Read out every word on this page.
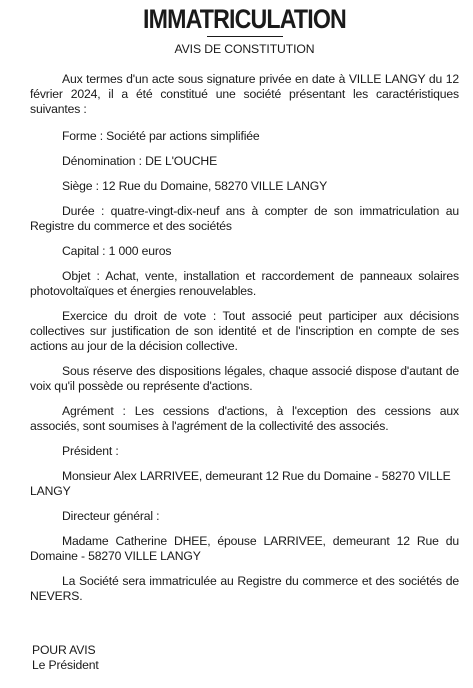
IMMATRICULATION
AVIS DE CONSTITUTION

Aux termes d'un acte sous signature privée en date à VILLE LANGY du 12 février 2024, il a été constitué une société présentant les caractéristiques suivantes :

Forme : Société par actions simplifiée

Dénomination : DE L'OUCHE

Siège : 12 Rue du Domaine, 58270 VILLE LANGY

Durée : quatre-vingt-dix-neuf ans à compter de son immatriculation au Registre du commerce et des sociétés

Capital : 1 000 euros

Objet : Achat, vente, installation et raccordement de panneaux solaires photovoltaïques et énergies renouvelables.

Exercice du droit de vote : Tout associé peut participer aux décisions collectives sur justification de son identité et de l'inscription en compte de ses actions au jour de la décision collective.

Sous réserve des dispositions légales, chaque associé dispose d'autant de voix qu'il possède ou représente d'actions.

Agrément : Les cessions d'actions, à l'exception des cessions aux associés, sont soumises à l'agrément de la collectivité des associés.

Président :

Monsieur Alex LARRIVEE, demeurant 12 Rue du Domaine - 58270 VILLE LANGY

Directeur général :

Madame Catherine DHEE, épouse LARRIVEE, demeurant 12 Rue du Domaine - 58270 VILLE LANGY

La Société sera immatriculée au Registre du commerce et des sociétés de NEVERS.

POUR AVIS

Le Président
